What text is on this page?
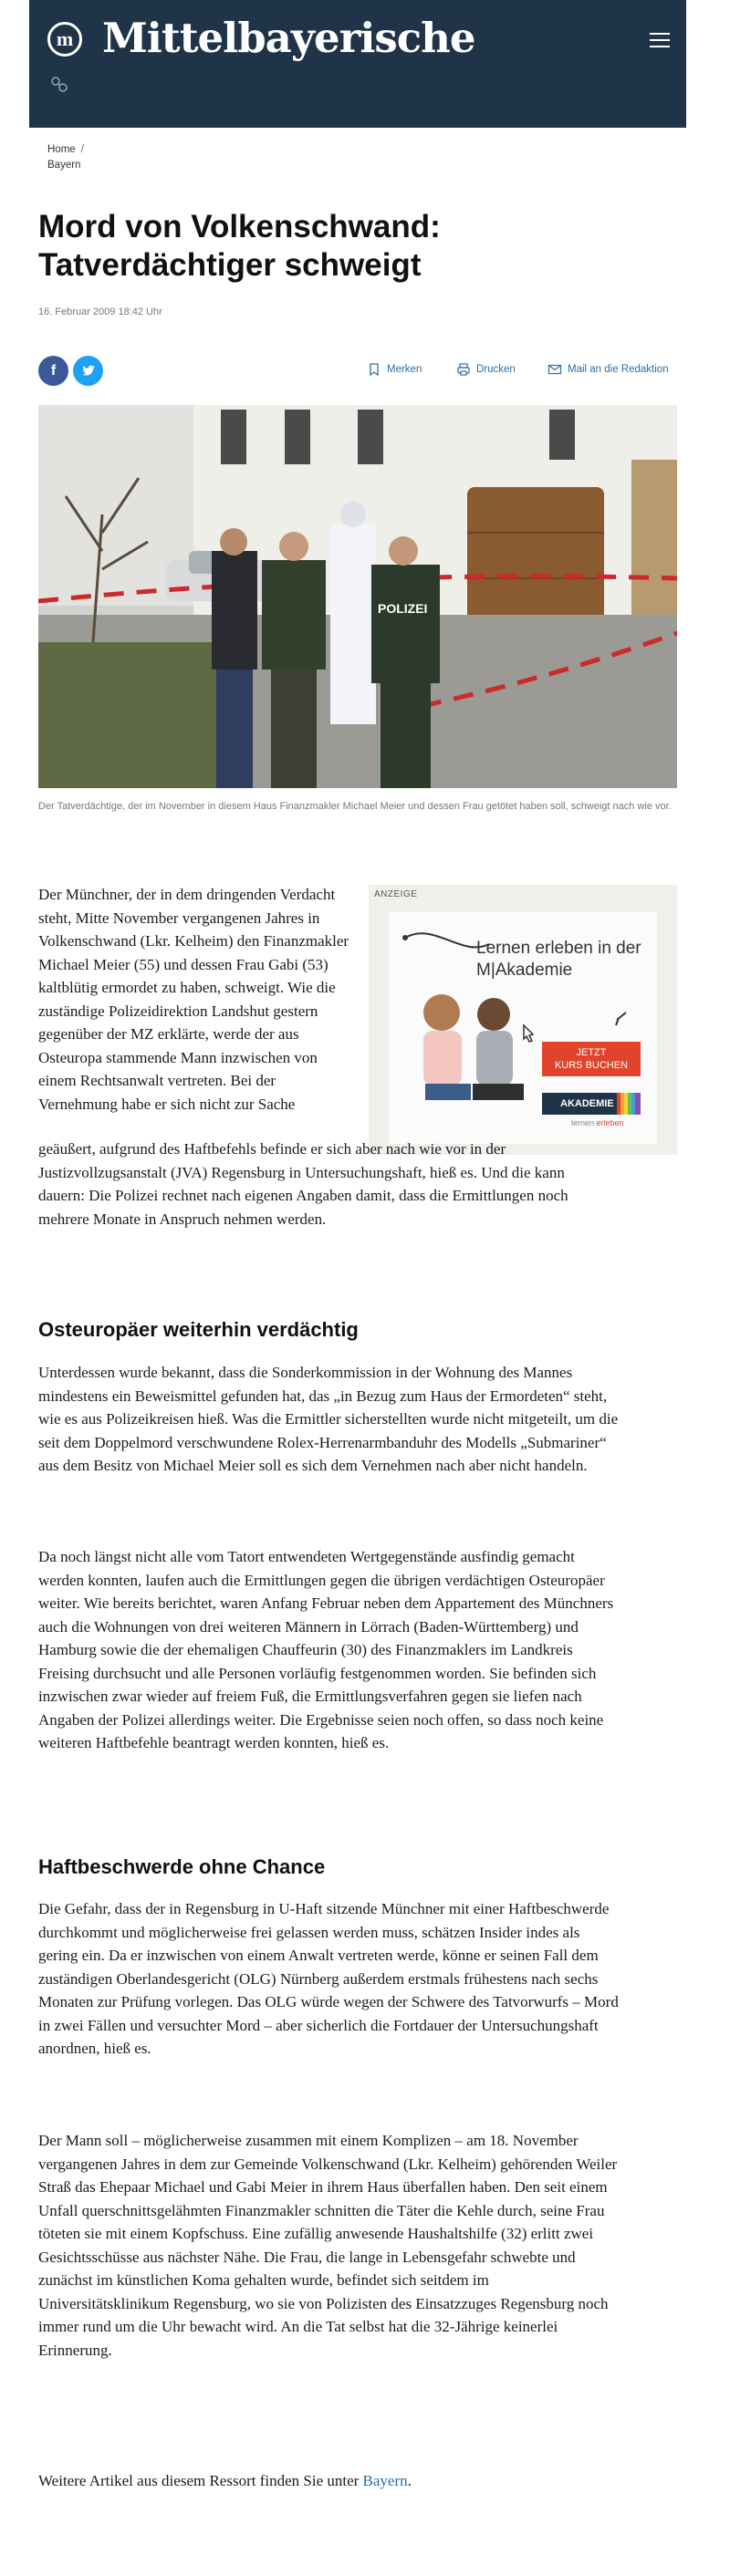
m Mittelbayerische
Home /
Bayern
Mord von Volkenschwand: Tatverdächtiger schweigt
16. Februar 2009 18:42 Uhr
f	Merken	Drucken	Mail an die Redaktion
POLIZEI
Der Tatverdächtige, der im November in diesem Haus Finanzmakler Michael Meier und dessen Frau getötet haben soll, schweigt nach wie vor.
ANZEIGE
Lernen erleben in der M|Akademie
JETZT
KURS BUCHEN
AKADEMIE
lernen erleben

Der Münchner, der in dem dringenden Verdacht steht, Mitte November vergangenen Jahres in Volkenschwand (Lkr. Kelheim) den Finanzmakler Michael Meier (55) und dessen Frau Gabi (53) kaltblütig ermordet zu haben, schweigt. Wie die zuständige Polizeidirektion Landshut gestern gegenüber der MZ erklärte, werde der aus Osteuropa stammende Mann inzwischen von einem Rechtsanwalt vertreten. Bei der Vernehmung habe er sich nicht zur Sache

geäußert, aufgrund des Haftbefehls befinde er sich aber nach wie vor in der Justizvollzugsanstalt (JVA) Regensburg in Untersuchungshaft, hieß es. Und die kann dauern: Die Polizei rechnet nach eigenen Angaben damit, dass die Ermittlungen noch mehrere Monate in Anspruch nehmen werden.

Osteuropäer weiterhin verdächtig

Unterdessen wurde bekannt, dass die Sonderkommission in der Wohnung des Mannes mindestens ein Beweismittel gefunden hat, das „in Bezug zum Haus der Ermordeten“ steht, wie es aus Polizeikreisen hieß. Was die Ermittler sicherstellten wurde nicht mitgeteilt, um die seit dem Doppelmord verschwundene Rolex-Herrenarmbanduhr des Modells „Submariner“ aus dem Besitz von Michael Meier soll es sich dem Vernehmen nach aber nicht handeln.

Da noch längst nicht alle vom Tatort entwendeten Wertgegenstände ausfindig gemacht werden konnten, laufen auch die Ermittlungen gegen die übrigen verdächtigen Osteuropäer weiter. Wie bereits berichtet, waren Anfang Februar neben dem Appartement des Münchners auch die Wohnungen von drei weiteren Männern in Lörrach (Baden-Württemberg) und Hamburg sowie die der ehemaligen Chauffeurin (30) des Finanzmaklers im Landkreis Freising durchsucht und alle Personen vorläufig festgenommen worden. Sie befinden sich inzwischen zwar wieder auf freiem Fuß, die Ermittlungsverfahren gegen sie liefen nach Angaben der Polizei allerdings weiter. Die Ergebnisse seien noch offen, so dass noch keine weiteren Haftbefehle beantragt werden konnten, hieß es.

Haftbeschwerde ohne Chance

Die Gefahr, dass der in Regensburg in U-Haft sitzende Münchner mit einer Haftbeschwerde durchkommt und möglicherweise frei gelassen werden muss, schätzen Insider indes als gering ein. Da er inzwischen von einem Anwalt vertreten werde, könne er seinen Fall dem zuständigen Oberlandesgericht (OLG) Nürnberg außerdem erstmals frühestens nach sechs Monaten zur Prüfung vorlegen. Das OLG würde wegen der Schwere des Tatvorwurfs – Mord in zwei Fällen und versuchter Mord – aber sicherlich die Fortdauer der Untersuchungshaft anordnen, hieß es.

Der Mann soll – möglicherweise zusammen mit einem Komplizen – am 18. November vergangenen Jahres in dem zur Gemeinde Volkenschwand (Lkr. Kelheim) gehörenden Weiler Straß das Ehepaar Michael und Gabi Meier in ihrem Haus überfallen haben. Den seit einem Unfall querschnittsgelähmten Finanzmakler schnitten die Täter die Kehle durch, seine Frau töteten sie mit einem Kopfschuss. Eine zufällig anwesende Haushaltshilfe (32) erlitt zwei Gesichtsschüsse aus nächster Nähe. Die Frau, die lange in Lebensgefahr schwebte und zunächst im künstlichen Koma gehalten wurde, befindet sich seitdem im Universitätsklinikum Regensburg, wo sie von Polizisten des Einsatzzuges Regensburg noch immer rund um die Uhr bewacht wird. An die Tat selbst hat die 32-Jährige keinerlei Erinnerung.

Weitere Artikel aus diesem Ressort finden Sie unter Bayern.
